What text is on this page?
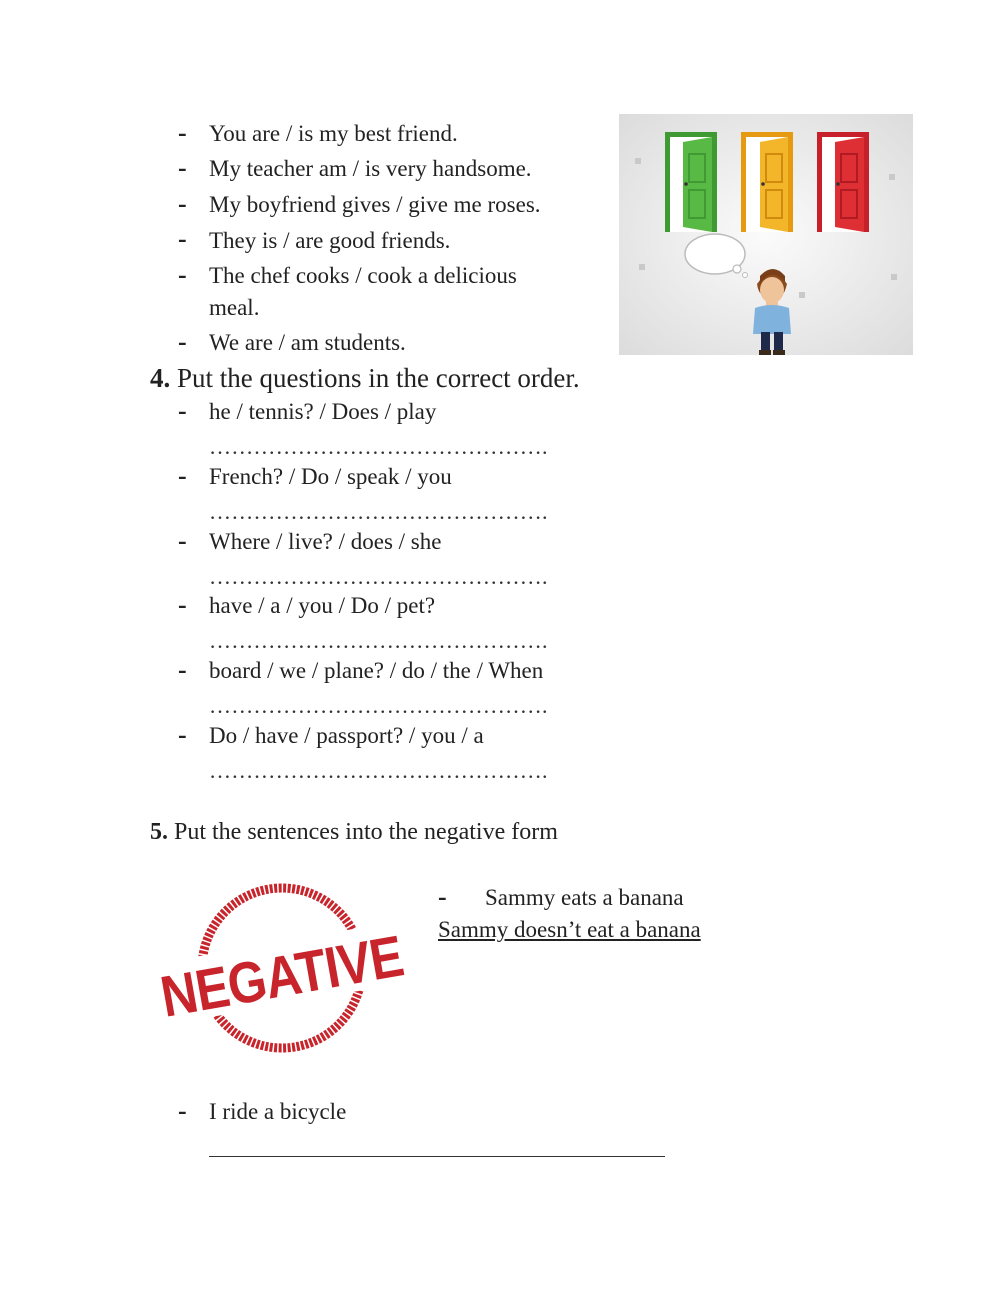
- You are / is my best friend.
- My teacher am / is very handsome.
- My boyfriend gives / give me roses.
- They is / are good friends.
- The chef cooks / cook a delicious
meal.
- We are / am students.
4. Put the questions in the correct order.
- he / tennis? / Does / play
……………………………………….
- French? / Do / speak / you
……………………………………….
- Where / live? / does / she
……………………………………….
- have / a / you / Do / pet?
……………………………………….
- board / we / plane? / do / the / When
……………………………………….
- Do / have / passport? / you / a
……………………………………….
5. Put the sentences into the negative form
NEGATIVE
- Sammy eats a banana
Sammy doesn’t eat a banana
- I ride a bicycle
